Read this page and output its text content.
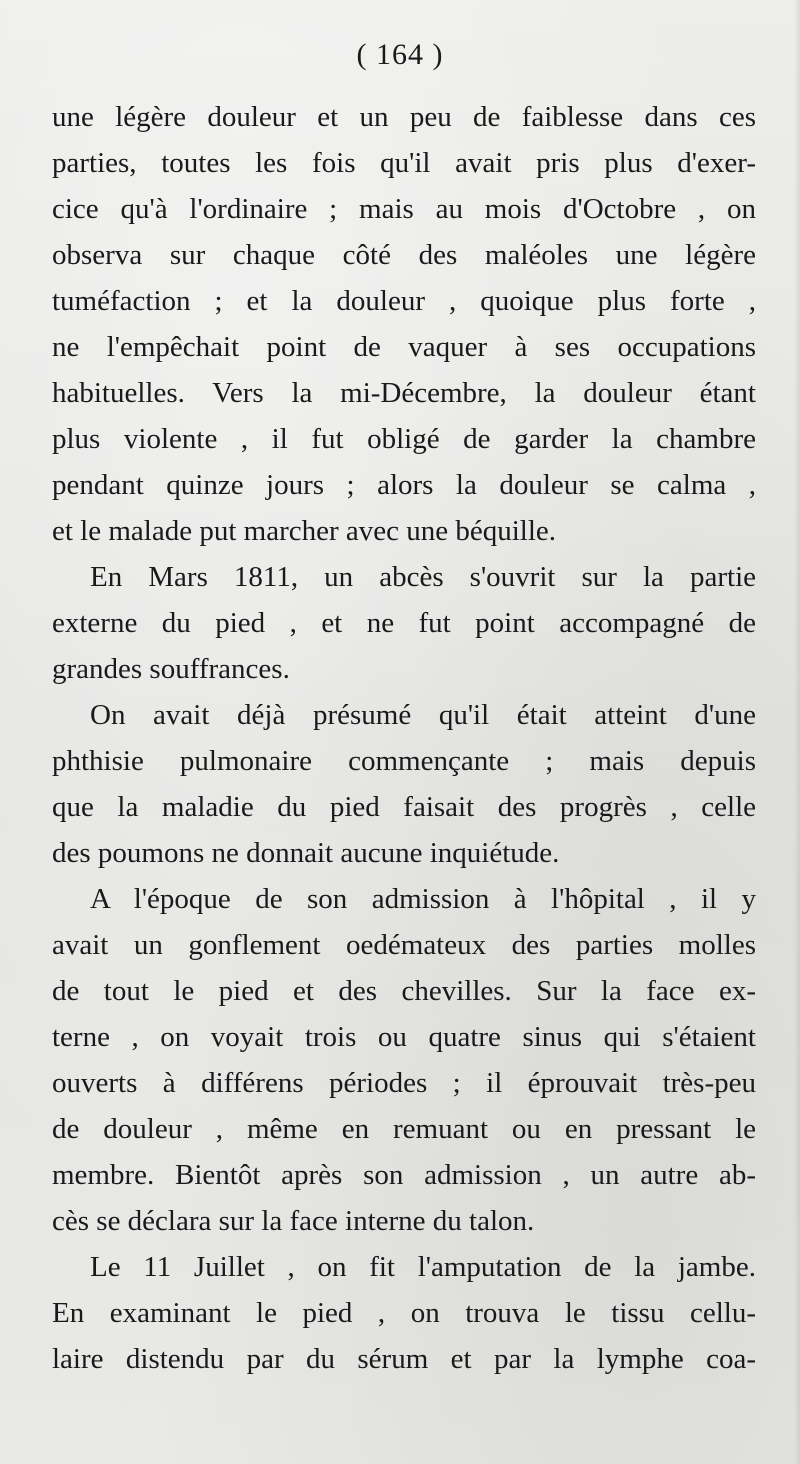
( 164 )
une légère douleur et un peu de faiblesse dans ces
parties, toutes les fois qu'il avait pris plus d'exer-
cice qu'à l'ordinaire ; mais au mois d'Octobre , on
observa sur chaque côté des maléoles une légère
tuméfaction ; et la douleur , quoique plus forte ,
ne l'empêchait point de vaquer à ses occupations
habituelles. Vers la mi-Décembre, la douleur étant
plus violente , il fut obligé de garder la chambre
pendant quinze jours ; alors la douleur se calma ,
et le malade put marcher avec une béquille.
En Mars 1811, un abcès s'ouvrit sur la partie
externe du pied , et ne fut point accompagné de
grandes souffrances.
On avait déjà présumé qu'il était atteint d'une
phthisie pulmonaire commençante ; mais depuis
que la maladie du pied faisait des progrès , celle
des poumons ne donnait aucune inquiétude.
A l'époque de son admission à l'hôpital , il y
avait un gonflement oedémateux des parties molles
de tout le pied et des chevilles. Sur la face ex-
terne , on voyait trois ou quatre sinus qui s'étaient
ouverts à différens périodes ; il éprouvait très-peu
de douleur , même en remuant ou en pressant le
membre. Bientôt après son admission , un autre ab-
cès se déclara sur la face interne du talon.
Le 11 Juillet , on fit l'amputation de la jambe.
En examinant le pied , on trouva le tissu cellu-
laire distendu par du sérum et par la lymphe coa-
